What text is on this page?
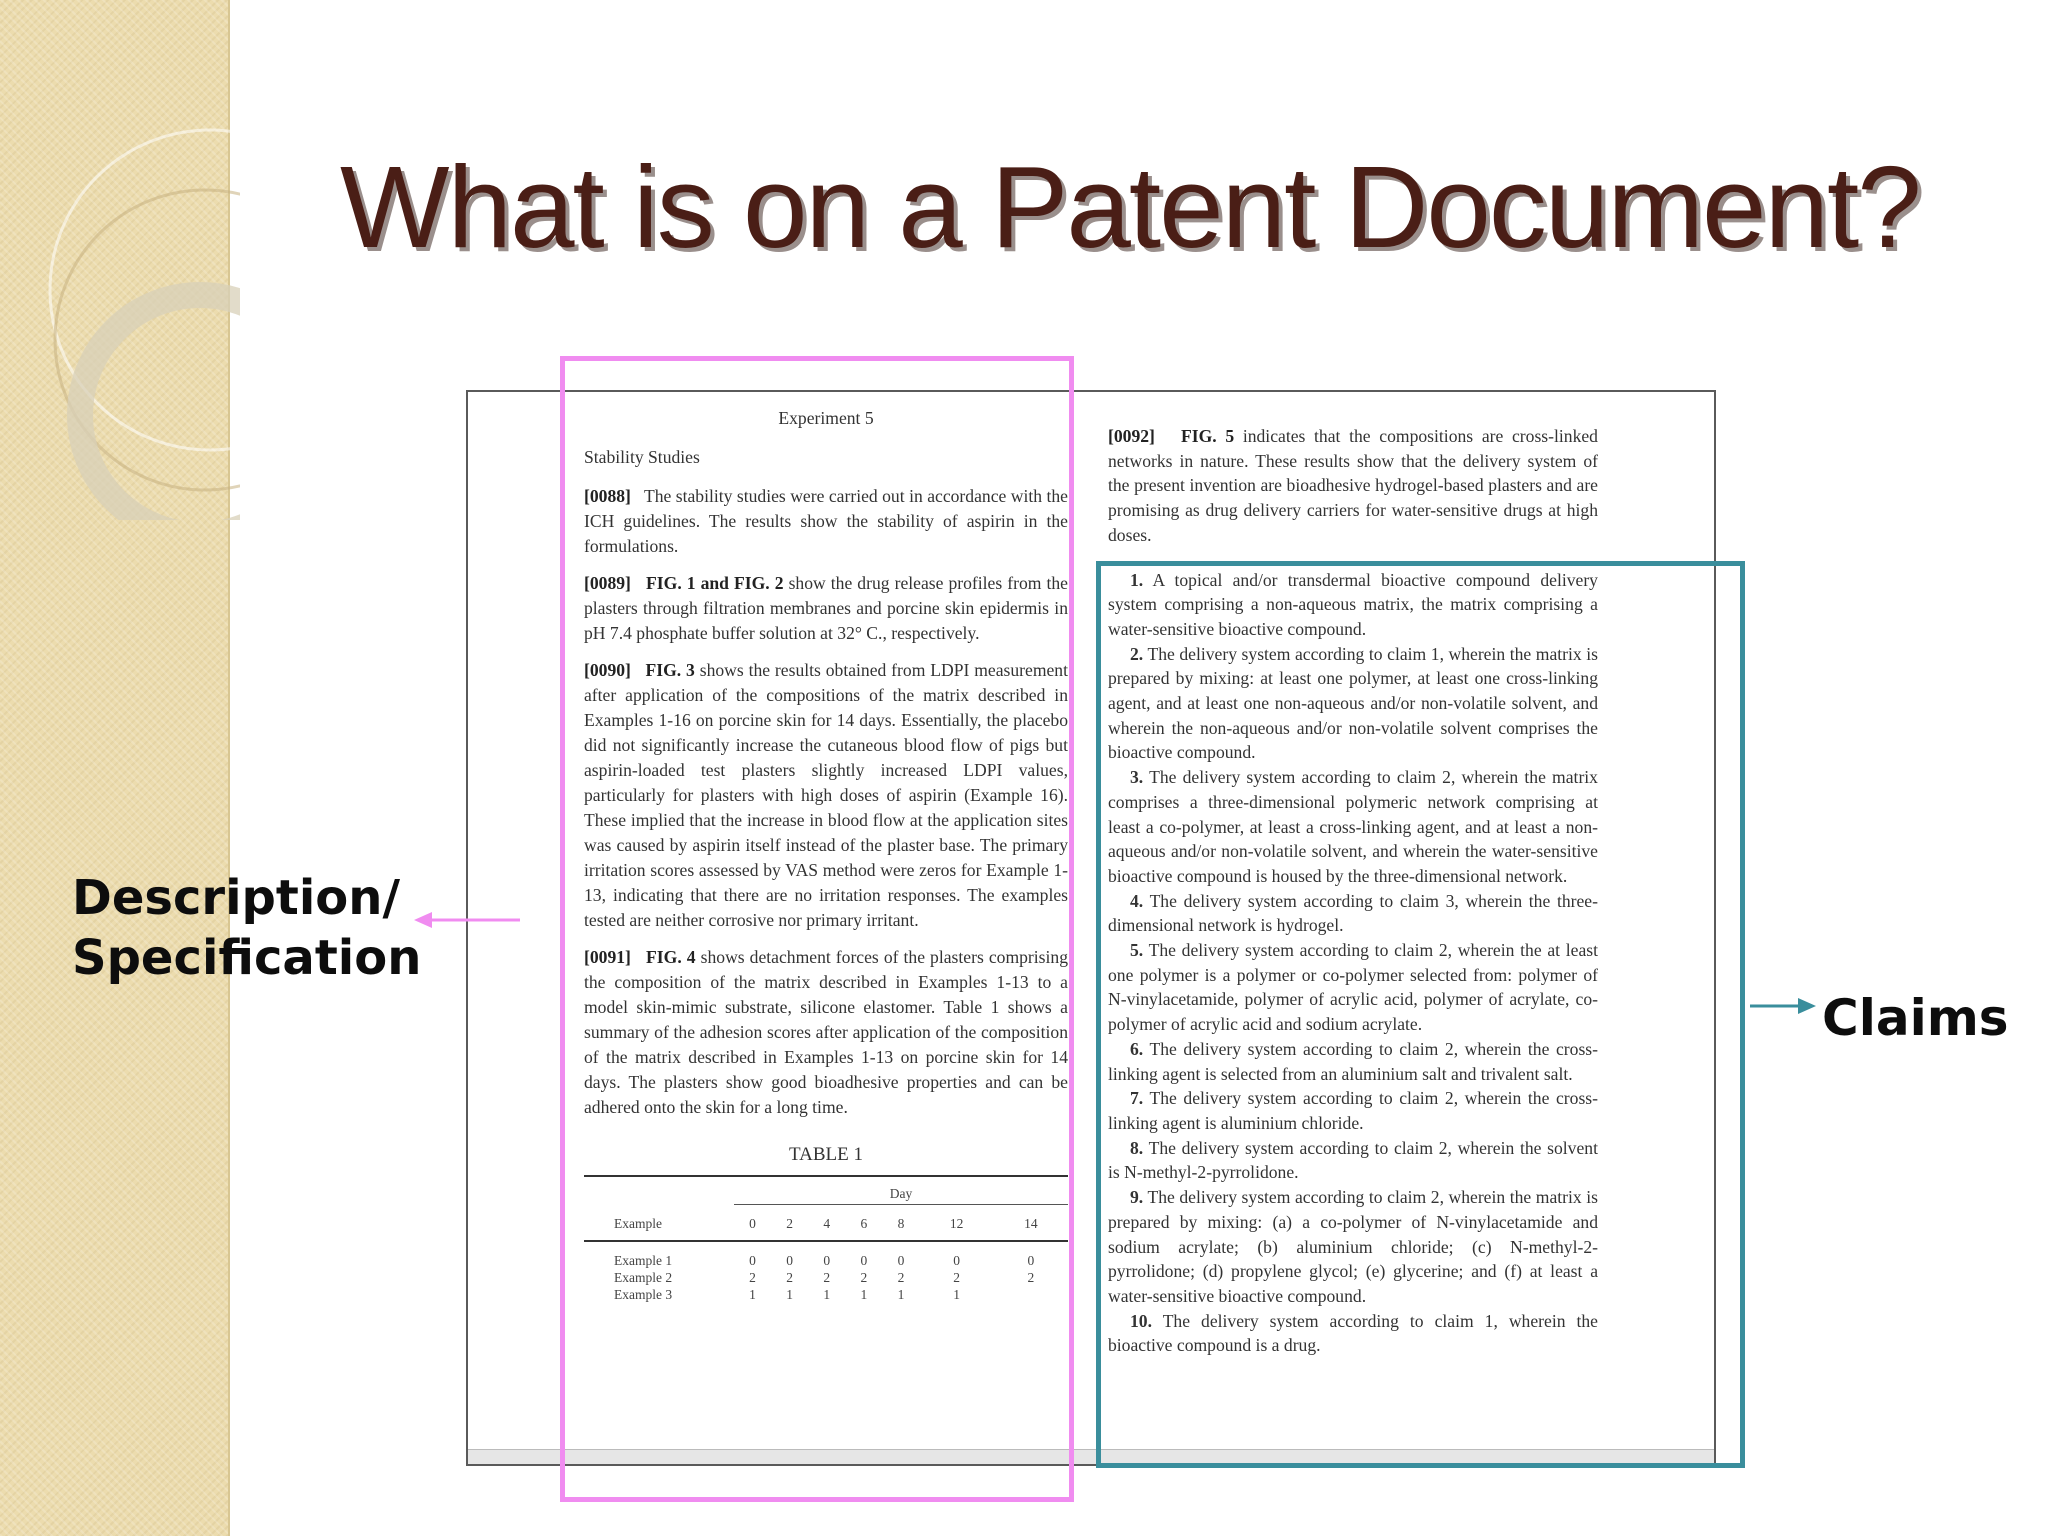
What is on a Patent Document?
Experiment 5
Stability Studies

[0088] The stability studies were carried out in accordance with the ICH guidelines. The results show the stability of aspirin in the formulations.

[0089] FIG. 1 and FIG. 2 show the drug release profiles from the plasters through filtration membranes and porcine skin epidermis in pH 7.4 phosphate buffer solution at 32° C., respectively.

[0090] FIG. 3 shows the results obtained from LDPI measurement after application of the compositions of the matrix described in Examples 1-16 on porcine skin for 14 days. Essentially, the placebo did not significantly increase the cutaneous blood flow of pigs but aspirin-loaded test plasters slightly increased LDPI values, particularly for plasters with high doses of aspirin (Example 16). These implied that the increase in blood flow at the application sites was caused by aspirin itself instead of the plaster base. The primary irritation scores assessed by VAS method were zeros for Example 1-13, indicating that there are no irritation responses. The examples tested are neither corrosive nor primary irritant.

[0091] FIG. 4 shows detachment forces of the plasters comprising the composition of the matrix described in Examples 1-13 to a model skin-mimic substrate, silicone elastomer. Table 1 shows a summary of the adhesion scores after application of the composition of the matrix described in Examples 1-13 on porcine skin for 14 days. The plasters show good bioadhesive properties and can be adhered onto the skin for a long time.

TABLE 1

	Day						
Example	0	2	4	6	8	12	14
Example 1	0	0	0	0	0	0	0
Example 2	2	2	2	2	2	2	2
Example 3	1	1	1	1	1	1	

[0092] FIG. 5 indicates that the compositions are cross-linked networks in nature. These results show that the delivery system of the present invention are bioadhesive hydrogel-based plasters and are promising as drug delivery carriers for water-sensitive drugs at high doses.

1. A topical and/or transdermal bioactive compound delivery system comprising a non-aqueous matrix, the matrix comprising a water-sensitive bioactive compound.

2. The delivery system according to claim 1, wherein the matrix is prepared by mixing: at least one polymer, at least one cross-linking agent, and at least one non-aqueous and/or non-volatile solvent, and wherein the non-aqueous and/or non-volatile solvent comprises the bioactive compound.

3. The delivery system according to claim 2, wherein the matrix comprises a three-dimensional polymeric network comprising at least a co-polymer, at least a cross-linking agent, and at least a non-aqueous and/or non-volatile solvent, and wherein the water-sensitive bioactive compound is housed by the three-dimensional network.

4. The delivery system according to claim 3, wherein the three-dimensional network is hydrogel.

5. The delivery system according to claim 2, wherein the at least one polymer is a polymer or co-polymer selected from: polymer of N-vinylacetamide, polymer of acrylic acid, polymer of acrylate, co-polymer of acrylic acid and sodium acrylate.

6. The delivery system according to claim 2, wherein the cross-linking agent is selected from an aluminium salt and trivalent salt.

7. The delivery system according to claim 2, wherein the cross-linking agent is aluminium chloride.

8. The delivery system according to claim 2, wherein the solvent is N-methyl-2-pyrrolidone.

9. The delivery system according to claim 2, wherein the matrix is prepared by mixing: (a) a co-polymer of N-vinylacetamide and sodium acrylate; (b) aluminium chloride; (c) N-methyl-2-pyrrolidone; (d) propylene glycol; (e) glycerine; and (f) at least a water-sensitive bioactive compound.

10. The delivery system according to claim 1, wherein the bioactive compound is a drug.

Description/
Specification
Claims
